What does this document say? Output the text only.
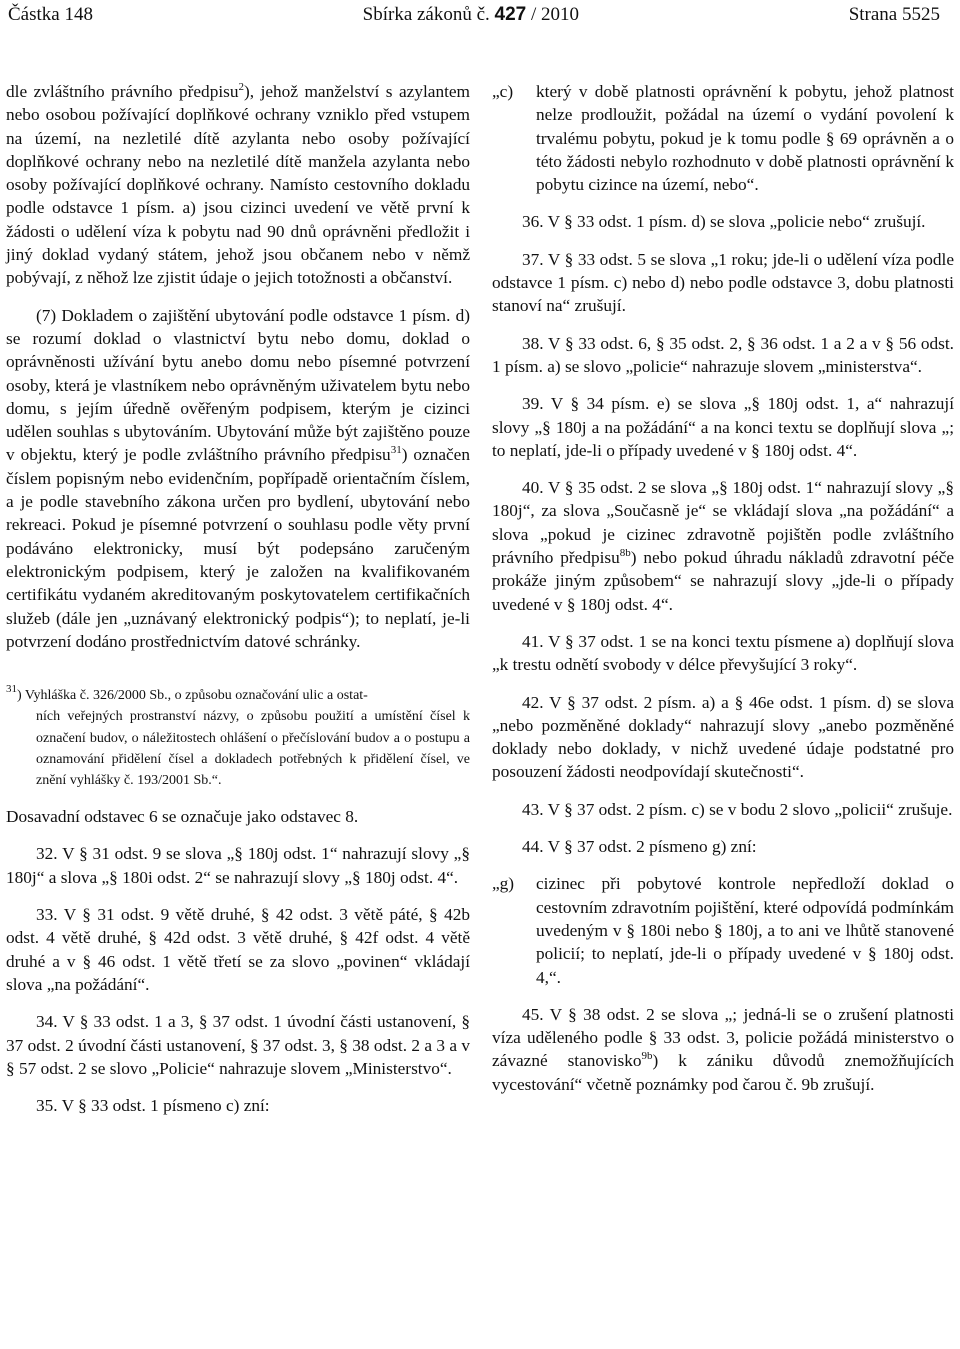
Částka 148	Sbírka zákonů č. 427 / 2010	Strana 5525

dle zvláštního právního předpisu$^2$), jehož manželství s azylantem nebo osobou požívající doplňkové ochrany vzniklo před vstupem na území, na nezletilé dítě azylanta nebo osoby požívající doplňkové ochrany nebo na nezletilé dítě manžela azylanta nebo osoby požívající doplňkové ochrany. Namísto cestovního dokladu podle odstavce 1 písm. a) jsou cizinci uvedení ve větě první k žádosti o udělení víza k pobytu nad 90 dnů oprávněni předložit i jiný doklad vydaný státem, jehož jsou občanem nebo v němž pobývají, z něhož lze zjistit údaje o jejich totožnosti a občanství.

(7) Dokladem o zajištění ubytování podle odstavce 1 písm. d) se rozumí doklad o vlastnictví bytu nebo domu, doklad o oprávněnosti užívání bytu anebo domu nebo písemné potvrzení osoby, která je vlastníkem nebo oprávněným uživatelem bytu nebo domu, s jejím úředně ověřeným podpisem, kterým je cizinci udělen souhlas s ubytováním. Ubytování může být zajištěno pouze v objektu, který je podle zvláštního právního předpisu$^{31}$) označen číslem popisným nebo evidenčním, popřípadě orientačním číslem, a je podle stavebního zákona určen pro bydlení, ubytování nebo rekreaci. Pokud je písemné potvrzení o souhlasu podle věty první podáváno elektronicky, musí být podepsáno zaručeným elektronickým podpisem, který je založen na kvalifikovaném certifikátu vydaném akreditovaným poskytovatelem certifikačních služeb (dále jen „uznávaný elektronický podpis“); to neplatí, je-li potvrzení dodáno prostřednictvím datové schránky.

$^{31}$) Vyhláška č. 326/2000 Sb., o způsobu označování ulic a ostat-
ních veřejných prostranství názvy, o způsobu použití a umístění čísel k označení budov, o náležitostech ohlášení o přečíslování budov a o postupu a oznamování přidělení čísel a dokladech potřebných k přidělení čísel, ve znění vyhlášky č. 193/2001 Sb.“.

Dosavadní odstavec 6 se označuje jako odstavec 8.

32. V § 31 odst. 9 se slova „§ 180j odst. 1“ nahrazují slovy „§ 180j“ a slova „§ 180i odst. 2“ se nahrazují slovy „§ 180j odst. 4“.

33. V § 31 odst. 9 větě druhé, § 42 odst. 3 větě páté, § 42b odst. 4 větě druhé, § 42d odst. 3 větě druhé, § 42f odst. 4 větě druhé a v § 46 odst. 1 větě třetí se za slovo „povinen“ vkládají slova „na požádání“.

34. V § 33 odst. 1 a 3, § 37 odst. 1 úvodní části ustanovení, § 37 odst. 2 úvodní části ustanovení, § 37 odst. 3, § 38 odst. 2 a 3 a v § 57 odst. 2 se slovo „Policie“ nahrazuje slovem „Ministerstvo“.

35. V § 33 odst. 1 písmeno c) zní:

„c)	který v době platnosti oprávnění k pobytu, jehož platnost nelze prodloužit, požádal na území o vydání povolení k trvalému pobytu, pokud je k tomu podle § 69 oprávněn a o této žádosti nebylo rozhodnuto v době platnosti oprávnění k pobytu cizince na území, nebo“.

36. V § 33 odst. 1 písm. d) se slova „policie nebo“ zrušují.

37. V § 33 odst. 5 se slova „1 roku; jde-li o udělení víza podle odstavce 1 písm. c) nebo d) nebo podle odstavce 3, dobu platnosti stanoví na“ zrušují.

38. V § 33 odst. 6, § 35 odst. 2, § 36 odst. 1 a 2 a v § 56 odst. 1 písm. a) se slovo „policie“ nahrazuje slovem „ministerstva“.

39. V § 34 písm. e) se slova „§ 180j odst. 1, a“ nahrazují slovy „§ 180j a na požádání“ a na konci textu se doplňují slova „; to neplatí, jde-li o případy uvedené v § 180j odst. 4“.

40. V § 35 odst. 2 se slova „§ 180j odst. 1“ nahrazují slovy „§ 180j“, za slova „Současně je“ se vkládají slova „na požádání“ a slova „pokud je cizinec zdravotně pojištěn podle zvláštního právního předpisu$^{8b}$) nebo pokud úhradu nákladů zdravotní péče prokáže jiným způsobem“ se nahrazují slovy „jde-li o případy uvedené v § 180j odst. 4“.

41. V § 37 odst. 1 se na konci textu písmene a) doplňují slova „k trestu odnětí svobody v délce převyšující 3 roky“.

42. V § 37 odst. 2 písm. a) a § 46e odst. 1 písm. d) se slova „nebo pozměněné doklady“ nahrazují slovy „anebo pozměněné doklady nebo doklady, v nichž uvedené údaje podstatné pro posouzení žádosti neodpovídají skutečnosti“.

43. V § 37 odst. 2 písm. c) se v bodu 2 slovo „policii“ zrušuje.

44. V § 37 odst. 2 písmeno g) zní:

„g)	cizinec při pobytové kontrole nepředloží doklad o cestovním zdravotním pojištění, které odpovídá podmínkám uvedeným v § 180i nebo § 180j, a to ani ve lhůtě stanovené policií; to neplatí, jde-li o případy uvedené v § 180j odst. 4,“.

45. V § 38 odst. 2 se slova „; jedná-li se o zrušení platnosti víza uděleného podle § 33 odst. 3, policie požádá ministerstvo o závazné stanovisko$^{9b}$) k zániku důvodů znemožňujících vycestování“ včetně poznámky pod čarou č. 9b zrušují.
